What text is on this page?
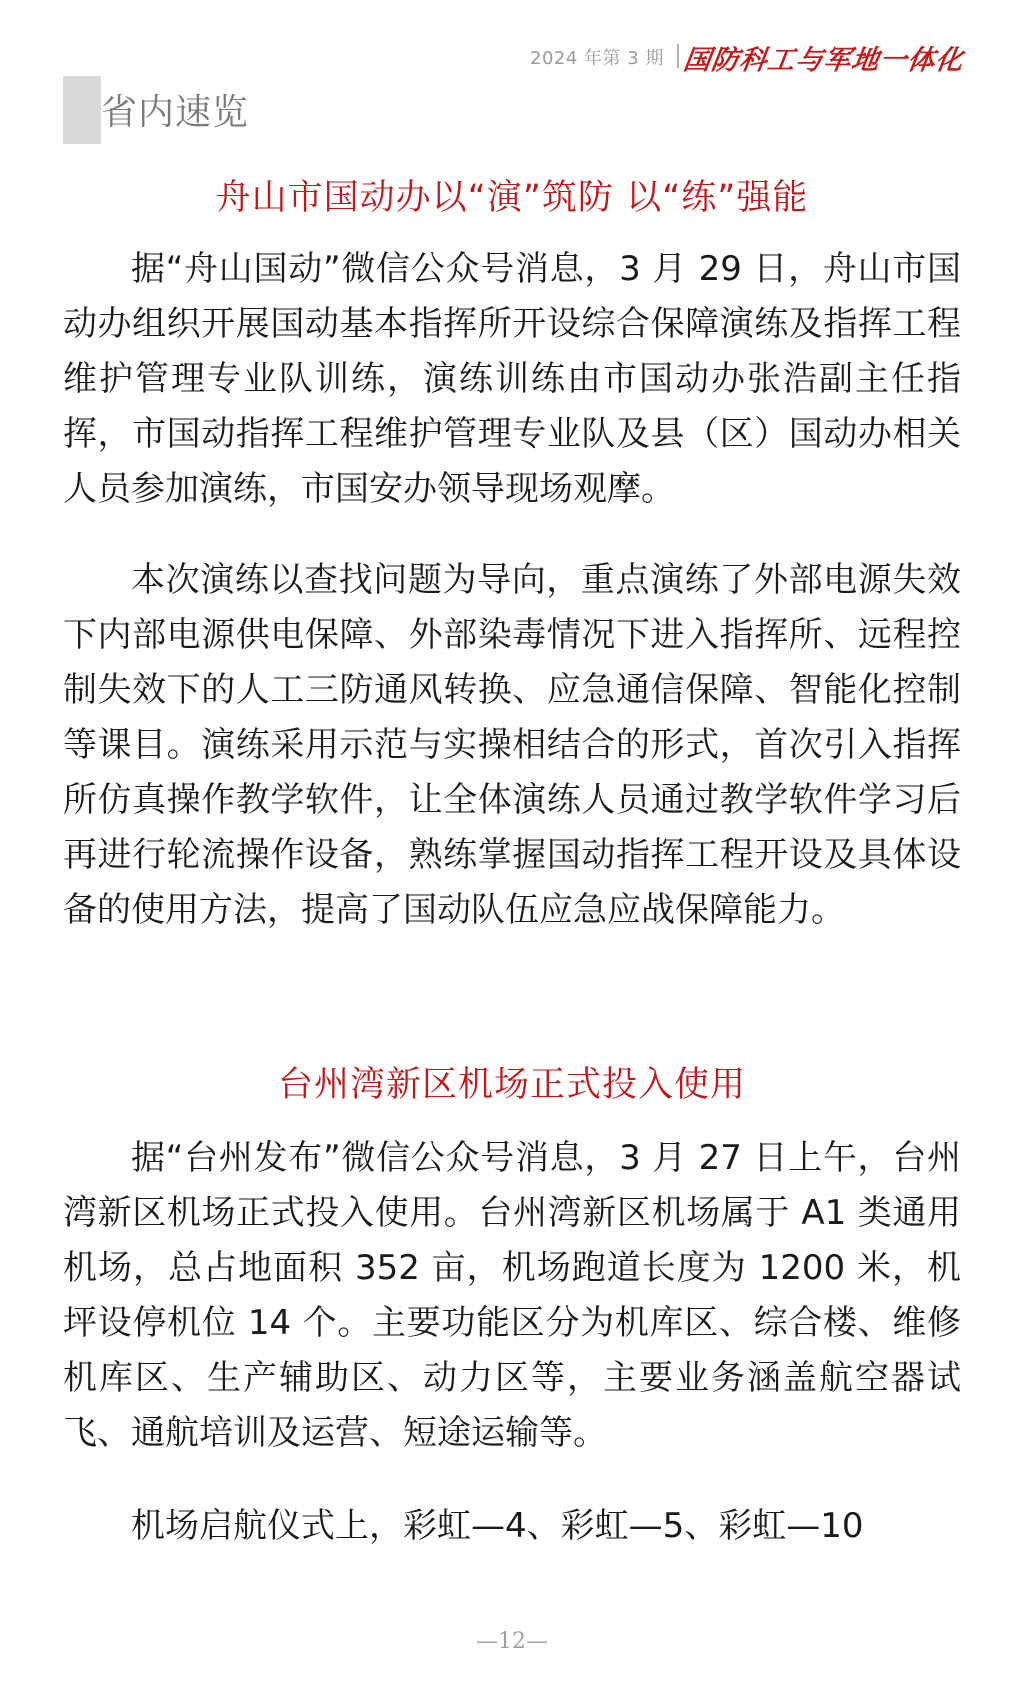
2024 年第 3 期 国防科工与军地一体化
省内速览
舟山市国动办以“演”筑防 以“练”强能

据“舟山国动”微信公众号消息，3 月 29 日，舟山市国动办组织开展国动基本指挥所开设综合保障演练及指挥工程维护管理专业队训练，演练训练由市国动办张浩副主任指挥，市国动指挥工程维护管理专业队及县（区）国动办相关人员参加演练，市国安办领导现场观摩。

本次演练以查找问题为导向，重点演练了外部电源失效下内部电源供电保障、外部染毒情况下进入指挥所、远程控制失效下的人工三防通风转换、应急通信保障、智能化控制等课目。演练采用示范与实操相结合的形式，首次引入指挥所仿真操作教学软件，让全体演练人员通过教学软件学习后再进行轮流操作设备，熟练掌握国动指挥工程开设及具体设备的使用方法，提高了国动队伍应急应战保障能力。

台州湾新区机场正式投入使用

据“台州发布”微信公众号消息，3 月 27 日上午，台州湾新区机场正式投入使用。台州湾新区机场属于 A1 类通用机场，总占地面积 352 亩，机场跑道长度为 1200 米，机坪设停机位 14 个。主要功能区分为机库区、综合楼、维修机库区、生产辅助区、动力区等，主要业务涵盖航空器试飞、通航培训及运营、短途运输等。

机场启航仪式上，彩虹—4、彩虹—5、彩虹—10

—12—
